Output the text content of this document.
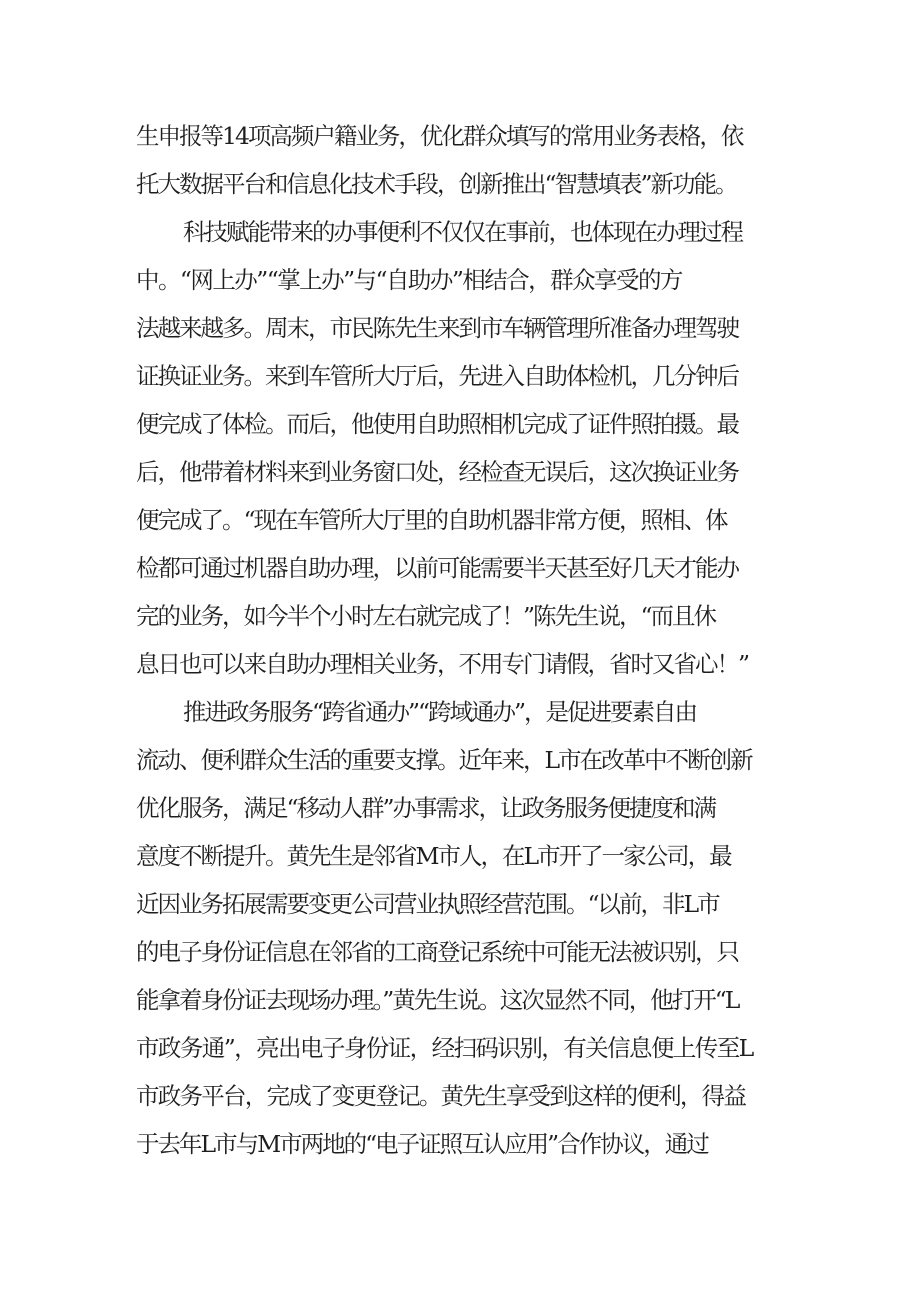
生申报等14项高频户籍业务，优化群众填写的常用业务表格，依

托大数据平台和信息化技术手段，创新推出“智慧填表”新功能。

科技赋能带来的办事便利不仅仅在事前，也体现在办理过程

中。“网上办”“掌上办”与“自助办”相结合，群众享受的方

法越来越多。周末，市民陈先生来到市车辆管理所准备办理驾驶

证换证业务。来到车管所大厅后，先进入自助体检机，几分钟后

便完成了体检。而后，他使用自助照相机完成了证件照拍摄。最

后，他带着材料来到业务窗口处，经检查无误后，这次换证业务

便完成了。“现在车管所大厅里的自助机器非常方便，照相、体

检都可通过机器自助办理，以前可能需要半天甚至好几天才能办

完的业务，如今半个小时左右就完成了！”陈先生说，“而且休

息日也可以来自助办理相关业务，不用专门请假，省时又省心！”

推进政务服务“跨省通办”“跨域通办”，是促进要素自由

流动、便利群众生活的重要支撑。近年来，L市在改革中不断创新

优化服务，满足“移动人群”办事需求，让政务服务便捷度和满

意度不断提升。黄先生是邻省M市人，在L市开了一家公司，最

近因业务拓展需要变更公司营业执照经营范围。“以前，非L市

的电子身份证信息在邻省的工商登记系统中可能无法被识别，只

能拿着身份证去现场办理。”黄先生说。这次显然不同，他打开“L

市政务通”，亮出电子身份证，经扫码识别，有关信息便上传至L

市政务平台，完成了变更登记。黄先生享受到这样的便利，得益

于去年L市与M市两地的“电子证照互认应用”合作协议，通过
